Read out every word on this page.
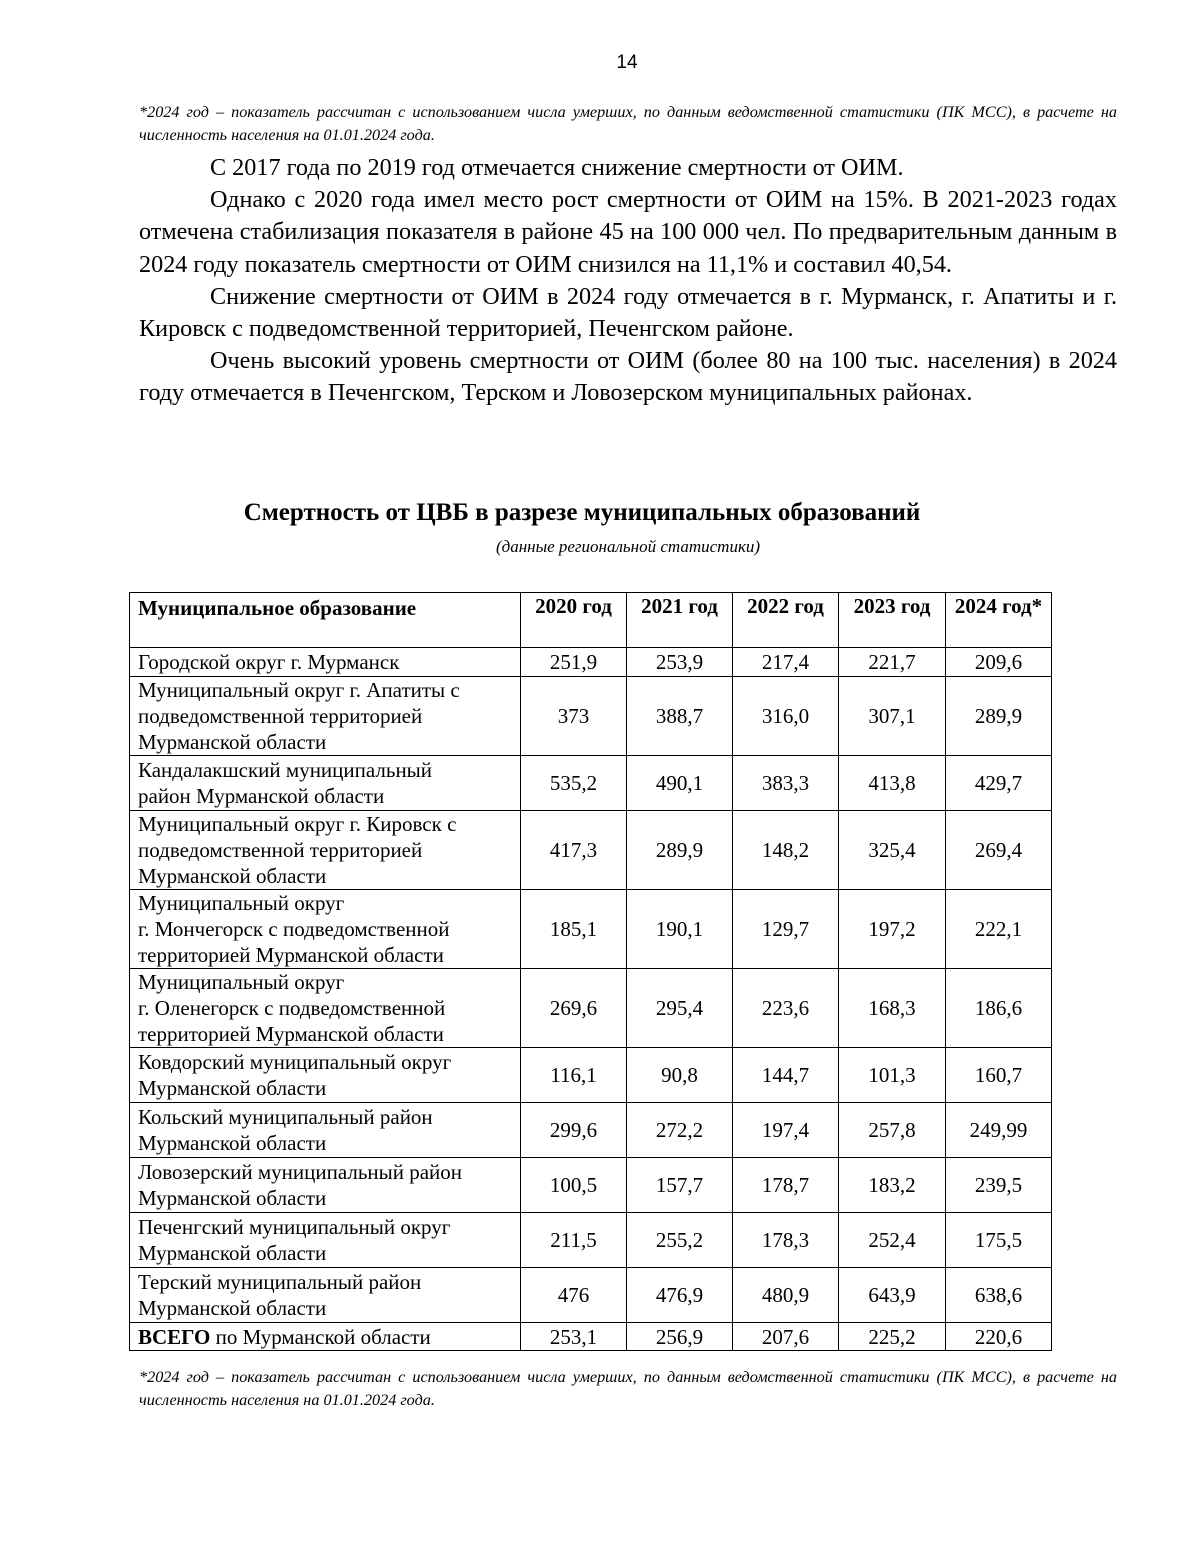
14
*2024 год – показатель рассчитан с использованием числа умерших, по данным ведомственной статистики (ПК МСС), в расчете на численность населения на 01.01.2024 года.

С 2017 года по 2019 год отмечается снижение смертности от ОИМ.

Однако с 2020 года имел место рост смертности от ОИМ на 15%. В 2021-2023 годах отмечена стабилизация показателя в районе 45 на 100 000 чел. По предварительным данным в 2024 году показатель смертности от ОИМ снизился на 11,1% и составил 40,54.

Снижение смертности от ОИМ в 2024 году отмечается в г. Мурманск, г. Апатиты и г. Кировск с подведомственной территорией, Печенгском районе.

Очень высокий уровень смертности от ОИМ (более 80 на 100 тыс. населения) в 2024 году отмечается в Печенгском, Терском и Ловозерском муниципальных районах.

Смертность от ЦВБ в разрезе муниципальных образований
(данные региональной статистики)
Муниципальное образование	2020 год	2021 год	2022 год	2023 год	2024 год*
Городской округ г. Мурманск	251,9	253,9	217,4	221,7	209,6
Муниципальный округ г. Апатиты с
подведомственной территорией
Мурманской области	373	388,7	316,0	307,1	289,9
Кандалакшский муниципальный
район Мурманской области	535,2	490,1	383,3	413,8	429,7
Муниципальный округ г. Кировск с
подведомственной территорией
Мурманской области	417,3	289,9	148,2	325,4	269,4
Муниципальный округ
г. Мончегорск с подведомственной
территорией Мурманской области	185,1	190,1	129,7	197,2	222,1
Муниципальный округ
г. Оленегорск с подведомственной
территорией Мурманской области	269,6	295,4	223,6	168,3	186,6
Ковдорский муниципальный округ
Мурманской области	116,1	90,8	144,7	101,3	160,7
Кольский муниципальный район
Мурманской области	299,6	272,2	197,4	257,8	249,99
Ловозерский муниципальный район
Мурманской области	100,5	157,7	178,7	183,2	239,5
Печенгский муниципальный округ
Мурманской области	211,5	255,2	178,3	252,4	175,5
Терский муниципальный район
Мурманской области	476	476,9	480,9	643,9	638,6
ВСЕГО по Мурманской области	253,1	256,9	207,6	225,2	220,6
*2024 год – показатель рассчитан с использованием числа умерших, по данным ведомственной статистики (ПК МСС), в расчете на численность населения на 01.01.2024 года.
